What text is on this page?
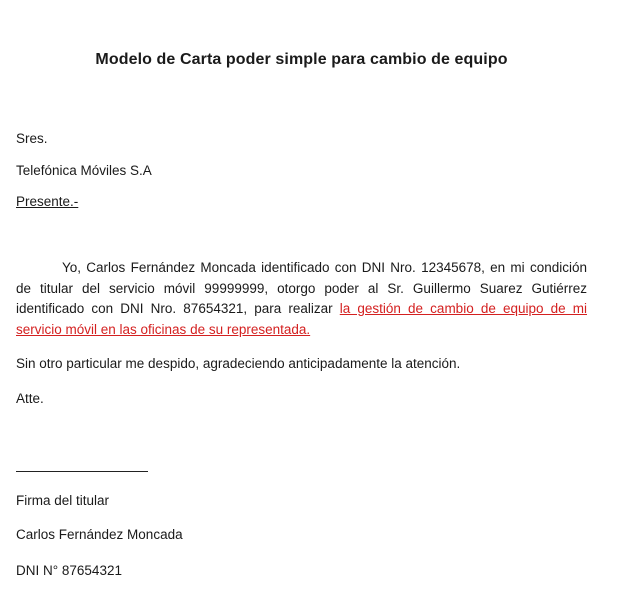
Modelo de Carta poder simple para cambio de equipo
Sres.
Telefónica Móviles S.A
Presente.-
Yo, Carlos Fernández Moncada identificado con DNI Nro. 12345678, en mi condición de titular del servicio móvil 99999999, otorgo poder al Sr. Guillermo Suarez Gutiérrez identificado con DNI Nro. 87654321, para realizar la gestión de cambio de equipo de mi servicio móvil en las oficinas de su representada.
Sin otro particular me despido, agradeciendo anticipadamente la atención.
Atte.
Firma del titular
Carlos Fernández Moncada
DNI N° 87654321
